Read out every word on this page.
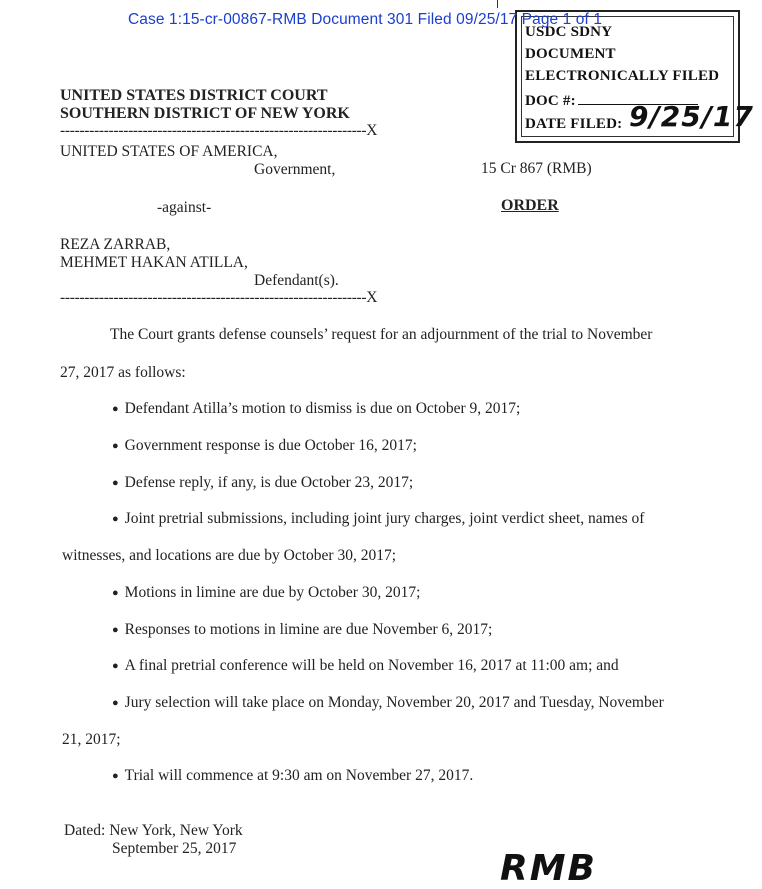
Case 1:15-cr-00867-RMB Document 301 Filed 09/25/17 Page 1 of 1
USDC SDNY
DOCUMENT
ELECTRONICALLY FILED
DOC #:
DATE FILED: 9/25/17
UNITED STATES DISTRICT COURT
SOUTHERN DISTRICT OF NEW YORK
---------------------------------------------------------------X
UNITED STATES OF AMERICA,
Government,	15 Cr 867 (RMB)
-against-	ORDER
REZA ZARRAB,
MEHMET HAKAN ATILLA,
Defendant(s).
---------------------------------------------------------------X
The Court grants defense counsels’ request for an adjournment of the trial to November
27, 2017 as follows:
● Defendant Atilla’s motion to dismiss is due on October 9, 2017;
● Government response is due October 16, 2017;
● Defense reply, if any, is due October 23, 2017;
● Joint pretrial submissions, including joint jury charges, joint verdict sheet, names of
witnesses, and locations are due by October 30, 2017;
● Motions in limine are due by October 30, 2017;
● Responses to motions in limine are due November 6, 2017;
● A final pretrial conference will be held on November 16, 2017 at 11:00 am; and
● Jury selection will take place on Monday, November 20, 2017 and Tuesday, November
21, 2017;
● Trial will commence at 9:30 am on November 27, 2017.
Dated: New York, New York
September 25, 2017	RMB
